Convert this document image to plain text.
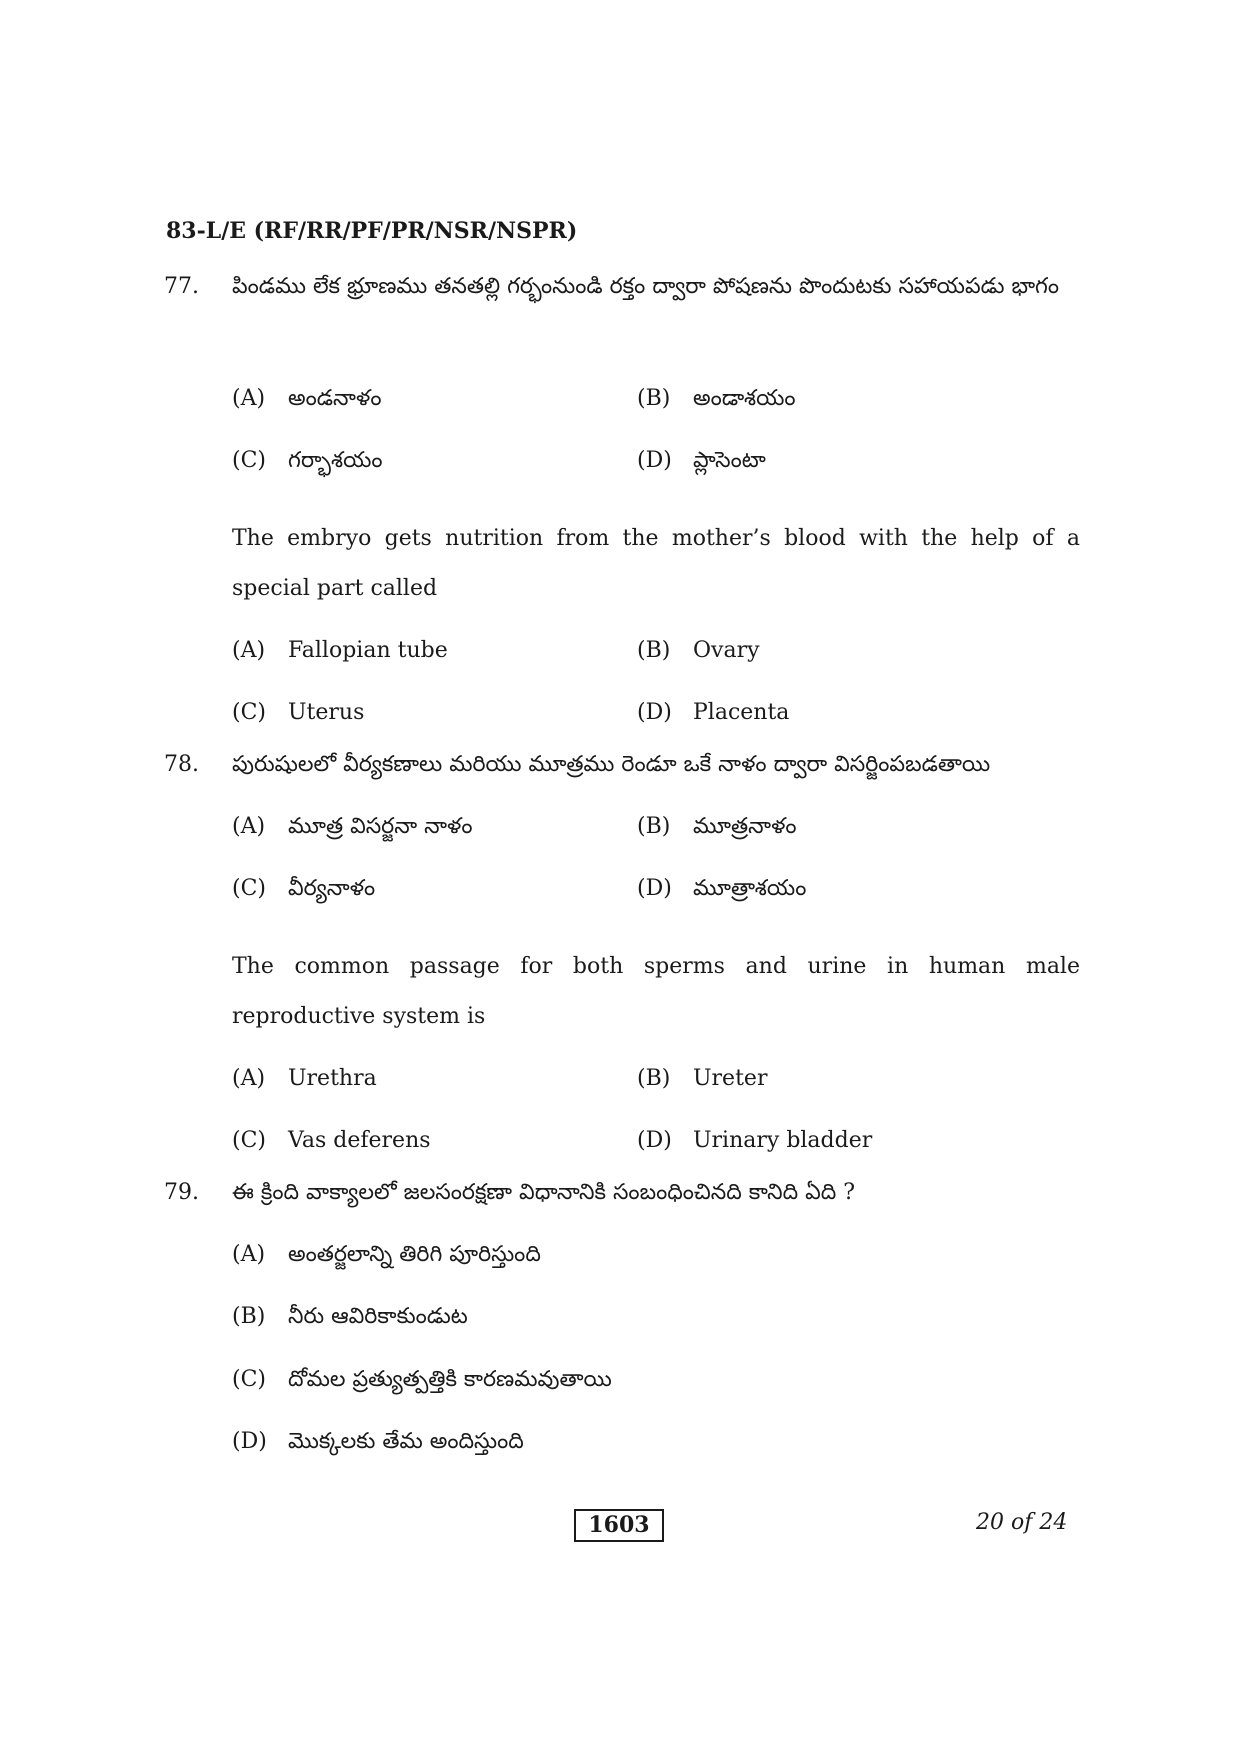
83-L/E (RF/RR/PF/PR/NSR/NSPR)
77. పిండము లేక భ్రూణము తనతల్లి గర్భంనుండి రక్తం ద్వారా పోషణను పొందుటకు సహాయపడు భాగం
(A) అండనాళం	(B) అండాశయం
(C) గర్భాశయం	(D) ప్లాసెంటా
The embryo gets nutrition from the mother’s blood with the help of a special part called
(A) Fallopian tube	(B) Ovary
(C) Uterus	(D) Placenta
78. పురుషులలో వీర్యకణాలు మరియు మూత్రము రెండూ ఒకే నాళం ద్వారా విసర్జింపబడతాయి
(A) మూత్ర విసర్జనా నాళం	(B) మూత్రనాళం
(C) వీర్యనాళం	(D) మూత్రాశయం
The common passage for both sperms and urine in human male reproductive system is
(A) Urethra	(B) Ureter
(C) Vas deferens	(D) Urinary bladder
79. ఈ క్రింది వాక్యాలలో జలసంరక్షణా విధానానికి సంబంధించినది కానిది ఏది ?
(A) అంతర్జలాన్ని తిరిగి పూరిస్తుంది
(B) నీరు ఆవిరికాకుండుట
(C) దోమల ప్రత్యుత్పత్తికి కారణమవుతాయి
(D) మొక్కలకు తేమ అందిస్తుంది
1603	20 of 24
